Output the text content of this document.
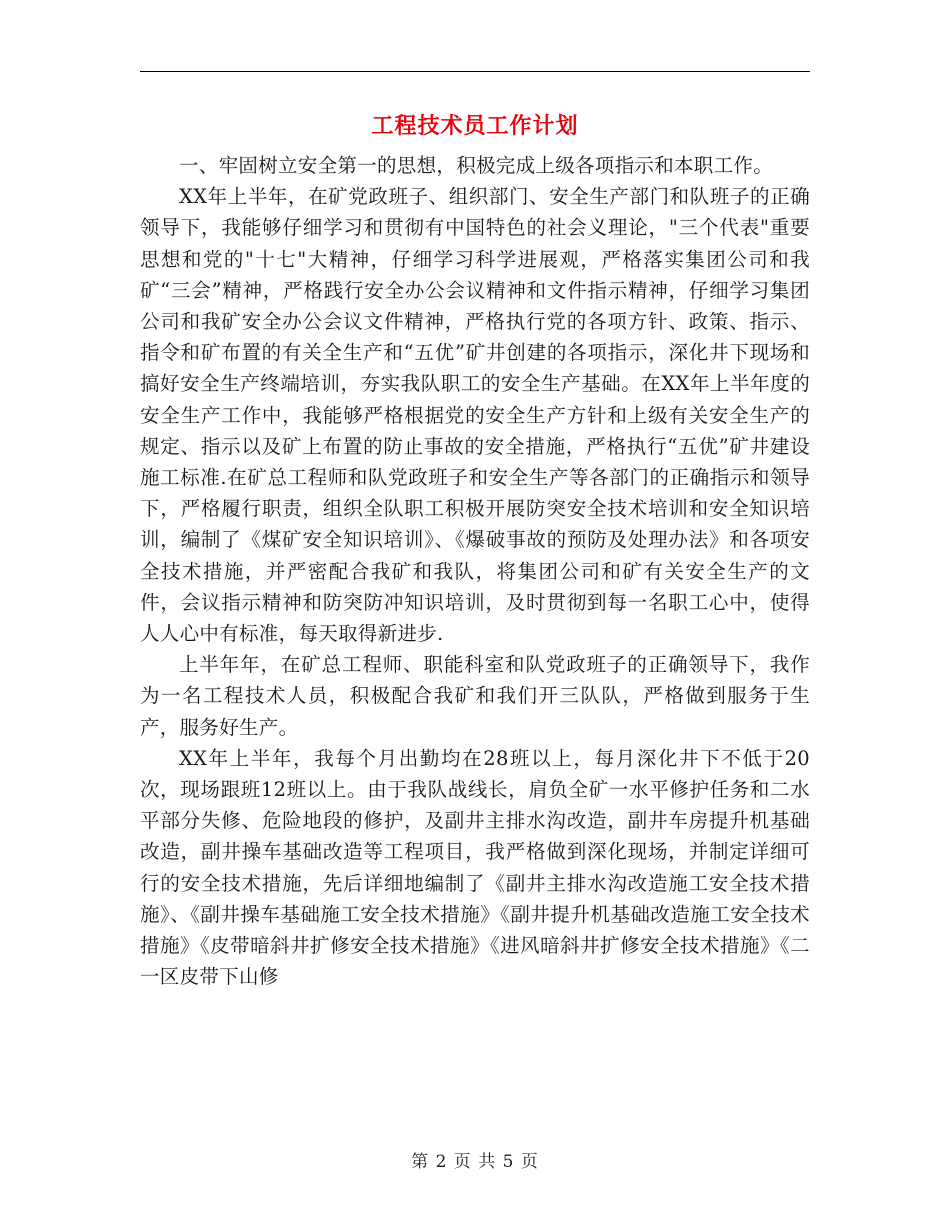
工程技术员工作计划

一、牢固树立安全第一的思想，积极完成上级各项指示和本职工作。

XX年上半年，在矿党政班子、组织部门、安全生产部门和队班子的正确领导下，我能够仔细学习和贯彻有中国特色的社会义理论，"三个代表"重要思想和党的"十七"大精神，仔细学习科学进展观，严格落实集团公司和我矿“三会”精神，严格践行安全办公会议精神和文件指示精神，仔细学习集团公司和我矿安全办公会议文件精神，严格执行党的各项方针、政策、指示、指令和矿布置的有关全生产和“五优”矿井创建的各项指示，深化井下现场和搞好安全生产终端培训，夯实我队职工的安全生产基础。在XX年上半年度的安全生产工作中，我能够严格根据党的安全生产方针和上级有关安全生产的规定、指示以及矿上布置的防止事故的安全措施，严格执行“五优”矿井建设施工标准.在矿总工程师和队党政班子和安全生产等各部门的正确指示和领导下，严格履行职责，组织全队职工积极开展防突安全技术培训和安全知识培训，编制了《煤矿安全知识培训》、《爆破事故的预防及处理办法》和各项安全技术措施，并严密配合我矿和我队，将集团公司和矿有关安全生产的文件，会议指示精神和防突防冲知识培训，及时贯彻到每一名职工心中，使得人人心中有标准，每天取得新进步.

上半年年，在矿总工程师、职能科室和队党政班子的正确领导下，我作为一名工程技术人员，积极配合我矿和我们开三队队，严格做到服务于生产，服务好生产。

XX年上半年，我每个月出勤均在28班以上，每月深化井下不低于20次，现场跟班12班以上。由于我队战线长，肩负全矿一水平修护任务和二水平部分失修、危险地段的修护，及副井主排水沟改造，副井车房提升机基础改造，副井操车基础改造等工程项目，我严格做到深化现场，并制定详细可行的安全技术措施，先后详细地编制了《副井主排水沟改造施工安全技术措施》、《副井操车基础施工安全技术措施》《副井提升机基础改造施工安全技术措施》《皮带暗斜井扩修安全技术措施》《进风暗斜井扩修安全技术措施》《二一区皮带下山修

第 2 页 共 5 页
